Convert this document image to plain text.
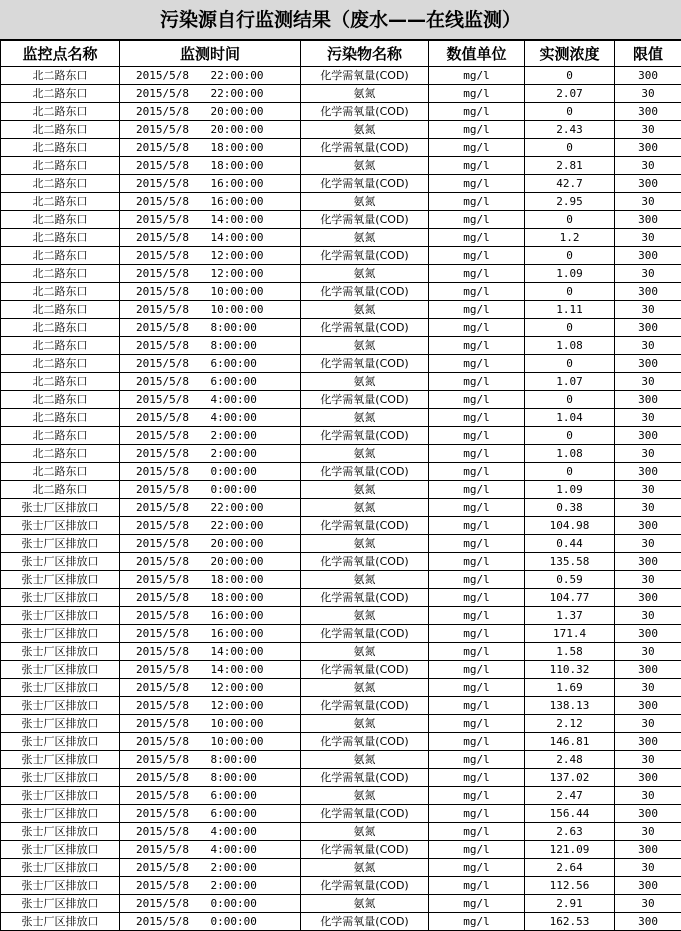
污染源自行监测结果（废水——在线监测）
监控点名称	监测时间		污染物名称	数值单位	实测浓度	限值
北二路东口	2015/5/8	22:00:00	化学需氧量(COD)	mg/l	0	300
北二路东口	2015/5/8	22:00:00	氨氮	mg/l	2.07	30
北二路东口	2015/5/8	20:00:00	化学需氧量(COD)	mg/l	0	300
北二路东口	2015/5/8	20:00:00	氨氮	mg/l	2.43	30
北二路东口	2015/5/8	18:00:00	化学需氧量(COD)	mg/l	0	300
北二路东口	2015/5/8	18:00:00	氨氮	mg/l	2.81	30
北二路东口	2015/5/8	16:00:00	化学需氧量(COD)	mg/l	42.7	300
北二路东口	2015/5/8	16:00:00	氨氮	mg/l	2.95	30
北二路东口	2015/5/8	14:00:00	化学需氧量(COD)	mg/l	0	300
北二路东口	2015/5/8	14:00:00	氨氮	mg/l	1.2	30
北二路东口	2015/5/8	12:00:00	化学需氧量(COD)	mg/l	0	300
北二路东口	2015/5/8	12:00:00	氨氮	mg/l	1.09	30
北二路东口	2015/5/8	10:00:00	化学需氧量(COD)	mg/l	0	300
北二路东口	2015/5/8	10:00:00	氨氮	mg/l	1.11	30
北二路东口	2015/5/8	8:00:00	化学需氧量(COD)	mg/l	0	300
北二路东口	2015/5/8	8:00:00	氨氮	mg/l	1.08	30
北二路东口	2015/5/8	6:00:00	化学需氧量(COD)	mg/l	0	300
北二路东口	2015/5/8	6:00:00	氨氮	mg/l	1.07	30
北二路东口	2015/5/8	4:00:00	化学需氧量(COD)	mg/l	0	300
北二路东口	2015/5/8	4:00:00	氨氮	mg/l	1.04	30
北二路东口	2015/5/8	2:00:00	化学需氧量(COD)	mg/l	0	300
北二路东口	2015/5/8	2:00:00	氨氮	mg/l	1.08	30
北二路东口	2015/5/8	0:00:00	化学需氧量(COD)	mg/l	0	300
北二路东口	2015/5/8	0:00:00	氨氮	mg/l	1.09	30
张士厂区排放口	2015/5/8	22:00:00	氨氮	mg/l	0.38	30
张士厂区排放口	2015/5/8	22:00:00	化学需氧量(COD)	mg/l	104.98	300
张士厂区排放口	2015/5/8	20:00:00	氨氮	mg/l	0.44	30
张士厂区排放口	2015/5/8	20:00:00	化学需氧量(COD)	mg/l	135.58	300
张士厂区排放口	2015/5/8	18:00:00	氨氮	mg/l	0.59	30
张士厂区排放口	2015/5/8	18:00:00	化学需氧量(COD)	mg/l	104.77	300
张士厂区排放口	2015/5/8	16:00:00	氨氮	mg/l	1.37	30
张士厂区排放口	2015/5/8	16:00:00	化学需氧量(COD)	mg/l	171.4	300
张士厂区排放口	2015/5/8	14:00:00	氨氮	mg/l	1.58	30
张士厂区排放口	2015/5/8	14:00:00	化学需氧量(COD)	mg/l	110.32	300
张士厂区排放口	2015/5/8	12:00:00	氨氮	mg/l	1.69	30
张士厂区排放口	2015/5/8	12:00:00	化学需氧量(COD)	mg/l	138.13	300
张士厂区排放口	2015/5/8	10:00:00	氨氮	mg/l	2.12	30
张士厂区排放口	2015/5/8	10:00:00	化学需氧量(COD)	mg/l	146.81	300
张士厂区排放口	2015/5/8	8:00:00	氨氮	mg/l	2.48	30
张士厂区排放口	2015/5/8	8:00:00	化学需氧量(COD)	mg/l	137.02	300
张士厂区排放口	2015/5/8	6:00:00	氨氮	mg/l	2.47	30
张士厂区排放口	2015/5/8	6:00:00	化学需氧量(COD)	mg/l	156.44	300
张士厂区排放口	2015/5/8	4:00:00	氨氮	mg/l	2.63	30
张士厂区排放口	2015/5/8	4:00:00	化学需氧量(COD)	mg/l	121.09	300
张士厂区排放口	2015/5/8	2:00:00	氨氮	mg/l	2.64	30
张士厂区排放口	2015/5/8	2:00:00	化学需氧量(COD)	mg/l	112.56	300
张士厂区排放口	2015/5/8	0:00:00	氨氮	mg/l	2.91	30
张士厂区排放口	2015/5/8	0:00:00	化学需氧量(COD)	mg/l	162.53	300
